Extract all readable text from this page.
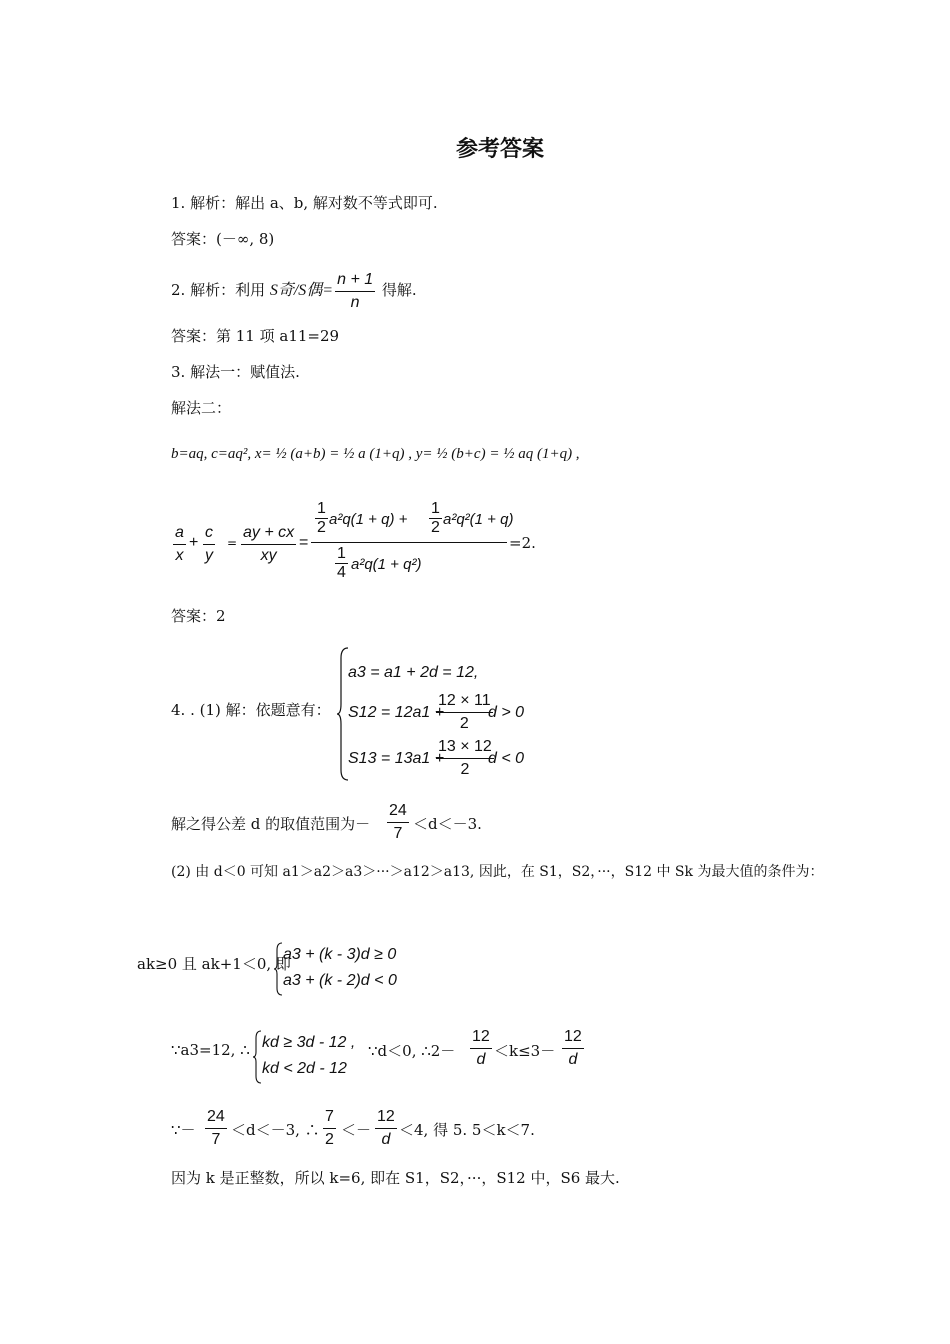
参考答案
1. 解析：解出 a、b, 解对数不等式即可.
答案：(－∞, 8)
2. 解析：利用 S奇/S偶= $\frac{n + 1}{n}$ 得解.
答案：第 11 项 a11=29
3. 解法一：赋值法.
解法二：
b=aq, c=aq², x= ½ (a+b) = ½ a (1+q) , y= ½ (b+c) = ½ aq (1+q) ,
$\frac{a}{x} + \frac{c}{y} = \frac{ay + cx}{xy} = \frac{\frac{1}{2} a^2q(1 + q) + \frac{1}{2} a^2q^2(1 + q)}{\frac{1}{4} a^2q(1 + q^2)} =2$.
答案：2
4. . (1) 解：依题意有：
a3 = a1 + 2d = 12,
S12 = 12a1 +
$\frac{12 \times 11}{2}$
d > 0
S13 = 13a1 +
$\frac{13 \times 12}{2}$
d < 0
解之得公差 d 的取值范围为－ $\frac{24}{7} <d<-3$.
(2) 由 d＜0 可知 a1＞a2＞a3＞···＞a12＞a13, 因此，在 S1，S2，···，S12 中 Sk 为最大值的条件为：
ak≥0 且 ak+1＜0, 即
a3 + (k - 3)d ≥ 0
a3 + (k - 2)d < 0
∵a3=12, ∴ kd ≥ 3d - 12 ,
kd < 2d - 12
∵d＜0, ∴2－ $\frac{12}{d} <k\le 3- \frac{12}{d}$
∵－ $\frac{24}{7} <d<-3$, ∴ $\frac{7}{2} <- \frac{12}{d} <4$, 得 5. 5＜k＜7.
因为 k 是正整数，所以 k=6, 即在 S1，S2，···，S12 中，S6 最大.
